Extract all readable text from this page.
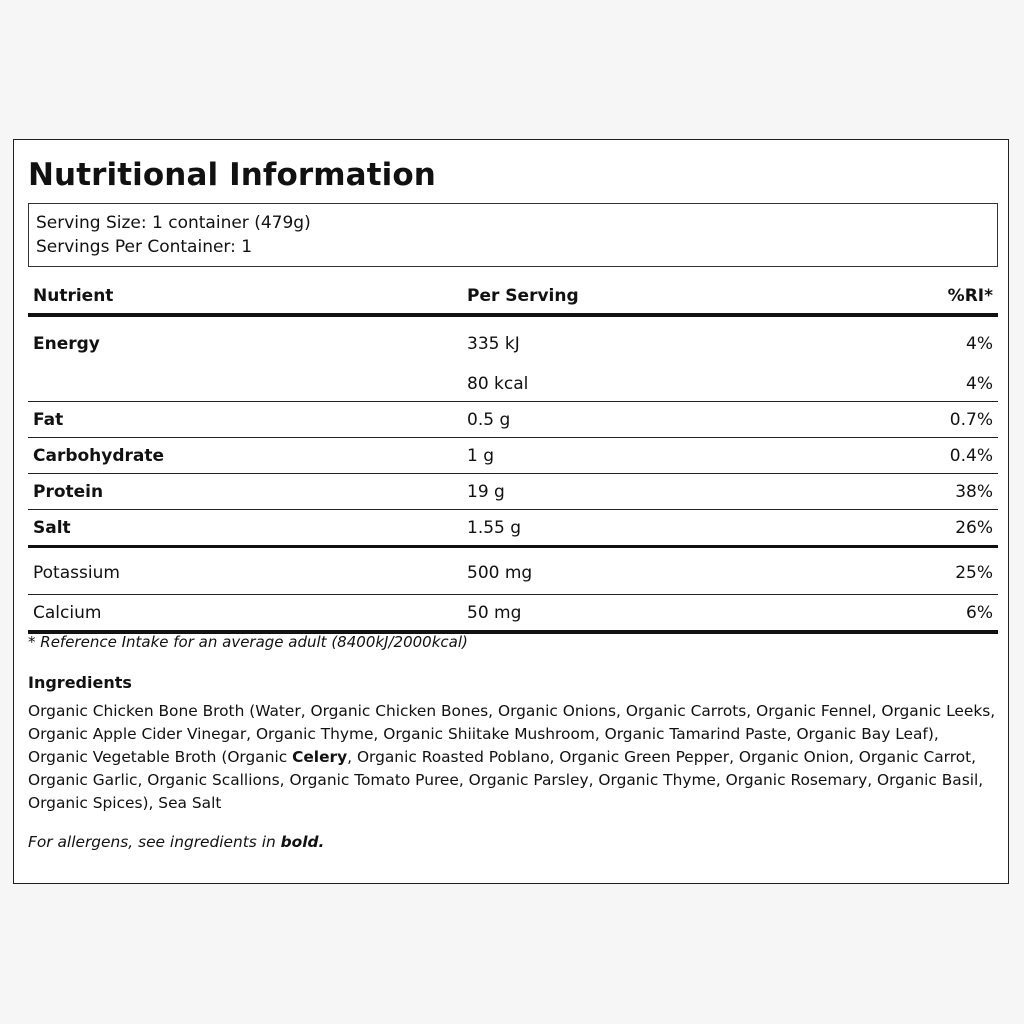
Nutritional Information
Serving Size: 1 container (479g)
Servings Per Container: 1
Nutrient	Per Serving	%RI*
Energy	335 kJ	4%
	80 kcal	4%
Fat	0.5 g	0.7%
Carbohydrate	1 g	0.4%
Protein	19 g	38%
Salt	1.55 g	26%
Potassium	500 mg	25%
Calcium	50 mg	6%
* Reference Intake for an average adult (8400kJ/2000kcal)
Ingredients

Organic Chicken Bone Broth (Water, Organic Chicken Bones, Organic Onions, Organic Carrots, Organic Fennel, Organic Leeks, Organic Apple Cider Vinegar, Organic Thyme, Organic Shiitake Mushroom, Organic Tamarind Paste, Organic Bay Leaf), Organic Vegetable Broth (Organic Celery, Organic Roasted Poblano, Organic Green Pepper, Organic Onion, Organic Carrot, Organic Garlic, Organic Scallions, Organic Tomato Puree, Organic Parsley, Organic Thyme, Organic Rosemary, Organic Basil, Organic Spices), Sea Salt

For allergens, see ingredients in bold.
